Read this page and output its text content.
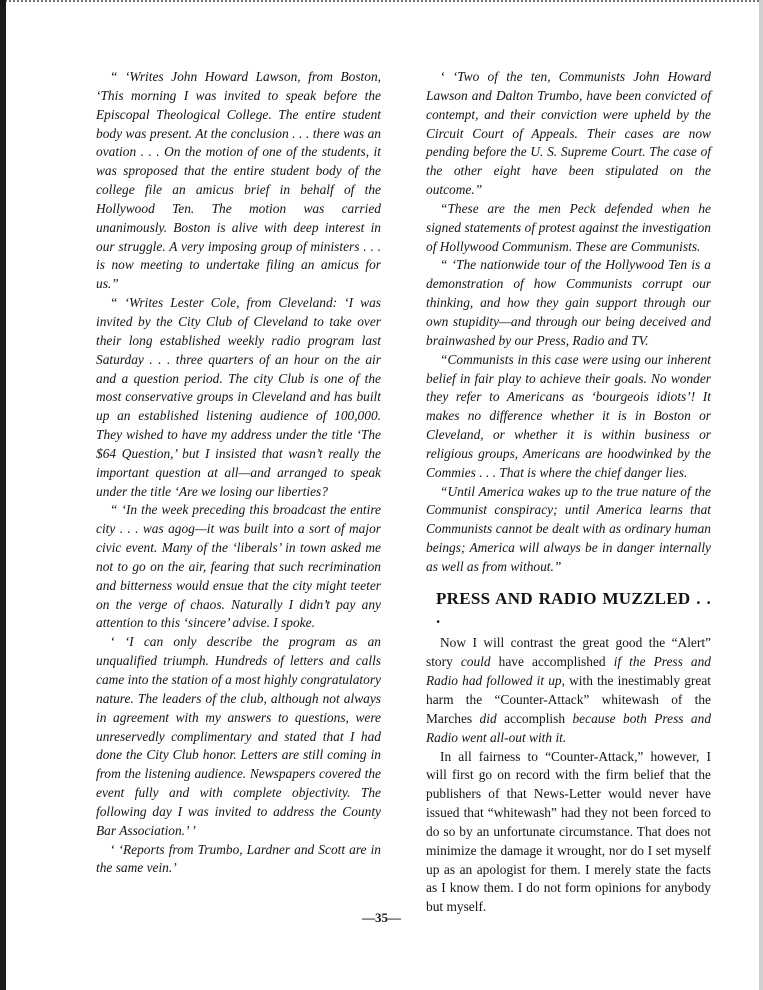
“ ‘Writes John Howard Lawson, from Boston, ‘This morning I was invited to speak before the Episcopal Theological College. The entire student body was present. At the conclusion . . . there was an ovation . . . On the motion of one of the students, it was sproposed that the entire student body of the college file an amicus brief in behalf of the Hollywood Ten. The motion was carried unanimously. Boston is alive with deep interest in our struggle. A very imposing group of ministers . . . is now meeting to undertake filing an amicus for us.”

“ ‘Writes Lester Cole, from Cleveland: ‘I was invited by the City Club of Cleveland to take over their long established weekly radio program last Saturday . . . three quarters of an hour on the air and a question period. The city Club is one of the most conservative groups in Cleveland and has built up an established listening audience of 100,000. They wished to have my address under the title ‘The $64 Question,’ but I insisted that wasn’t really the important question at all—and arranged to speak under the title ‘Are we losing our liberties?

“ ‘In the week preceding this broadcast the entire city . . . was agog—it was built into a sort of major civic event. Many of the ‘liberals’ in town asked me not to go on the air, fearing that such recrimination and bitterness would ensue that the city might teeter on the verge of chaos. Naturally I didn’t pay any attention to this ‘sincere’ advise. I spoke.

‘ ‘I can only describe the program as an unqualified triumph. Hundreds of letters and calls came into the station of a most highly congratulatory nature. The leaders of the club, although not always in agreement with my answers to questions, were unreservedly complimentary and stated that I had done the City Club honor. Letters are still coming in from the listening audience. Newspapers covered the event fully and with complete objectivity. The following day I was invited to address the County Bar Association.’ ’

‘ ‘Reports from Trumbo, Lardner and Scott are in the same vein.’

‘ ‘Two of the ten, Communists John Howard Lawson and Dalton Trumbo, have been convicted of contempt, and their conviction were upheld by the Circuit Court of Appeals. Their cases are now pending before the U. S. Supreme Court. The case of the other eight have been stipulated on the outcome.”

“These are the men Peck defended when he signed statements of protest against the investigation of Hollywood Communism. These are Communists.

“ ‘The nationwide tour of the Hollywood Ten is a demonstration of how Communists corrupt our thinking, and how they gain support through our own stupidity—and through our being deceived and brainwashed by our Press, Radio and TV.

“Communists in this case were using our inherent belief in fair play to achieve their goals. No wonder they refer to Americans as ‘bourgeois idiots’! It makes no difference whether it is in Boston or Cleveland, or whether it is within business or religious groups, Americans are hoodwinked by the Commies . . . That is where the chief danger lies.

“Until America wakes up to the true nature of the Communist conspiracy; until America learns that Communists cannot be dealt with as ordinary human beings; America will always be in danger internally as well as from without.”

PRESS AND RADIO MUZZLED . . .

Now I will contrast the great good the “Alert” story could have accomplished if the Press and Radio had followed it up, with the inestimably great harm the “Counter-Attack” whitewash of the Marches did accomplish because both Press and Radio went all-out with it.

In all fairness to “Counter-Attack,” however, I will first go on record with the firm belief that the publishers of that News-Letter would never have issued that “whitewash” had they not been forced to do so by an unfortunate circumstance. That does not minimize the damage it wrought, nor do I set myself up as an apologist for them. I merely state the facts as I know them. I do not form opinions for anybody but myself.

—35—
